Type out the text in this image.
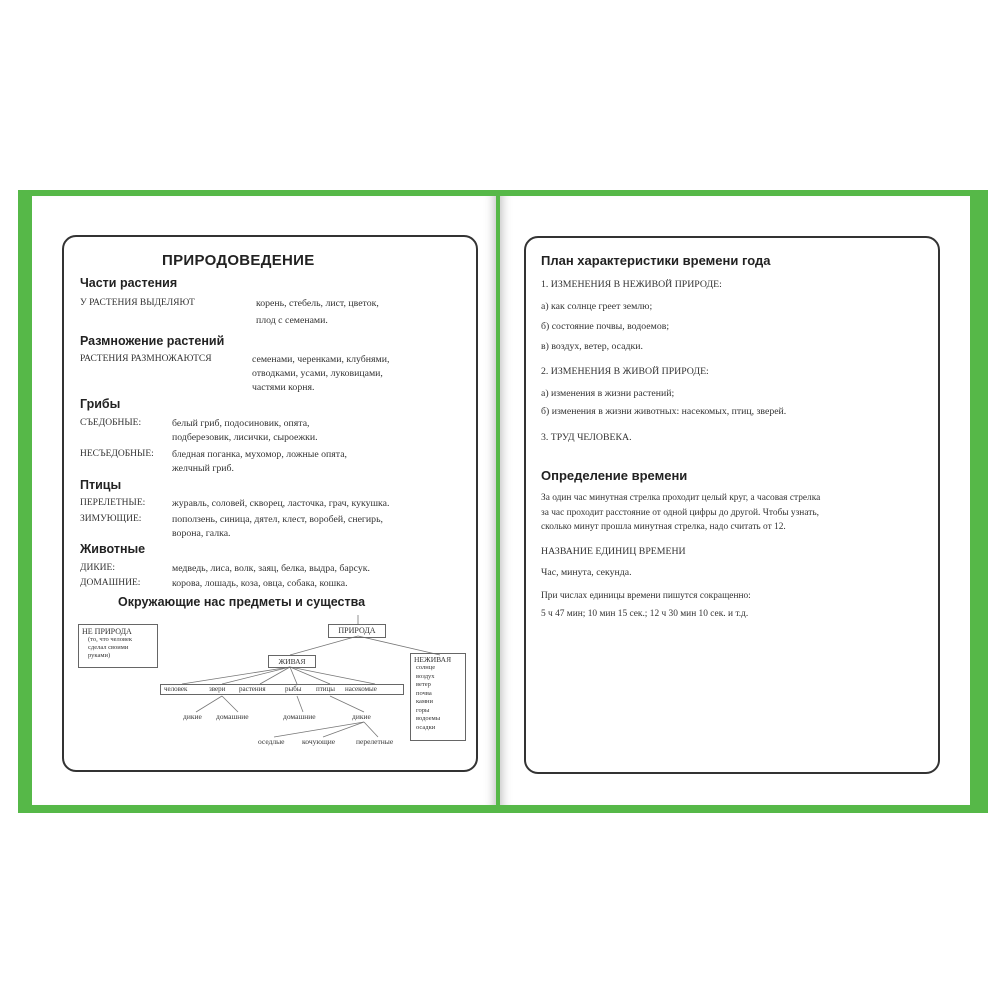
ПРИРОДОВЕДЕНИЕ
Части растения
У РАСТЕНИЯ ВЫДЕЛЯЮТ	корень, стебель, лист, цветок,
плод с семенами.
Размножение растений
РАСТЕНИЯ РАЗМНОЖАЮТСЯ	семенами, черенками, клубнями,
отводками, усами, луковицами,
частями корня.
Грибы
СЪЕДОБНЫЕ:	белый гриб, подосиновик, опята,
подберезовик, лисички, сыроежки.
НЕСЪЕДОБНЫЕ: бледная поганка, мухомор, ложные опята,
желчный гриб.
Птицы
ПЕРЕЛЕТНЫЕ:	журавль, соловей, скворец, ласточка, грач, кукушка.
ЗИМУЮЩИЕ:	поползень, синица, дятел, клест, воробей, снегирь,
ворона, галка.
Животные
ДИКИЕ:	медведь, лиса, волк, заяц, белка, выдра, барсук.
ДОМАШНИЕ:	корова, лошадь, коза, овца, собака, кошка.
Окружающие нас предметы и существа
НЕ ПРИРОДА
(то, что человек
сделал своими
руками)
ПРИРОДА
ЖИВАЯ	НЕЖИВАЯ
солнце
воздух
ветер
почва
камни
горы
водоемы
осадки
человек	звери растения	рыбы птицы насекомые
дикие домашние	домашние	дикие
оседлые кочующие	перелетные
План характеристики времени года
1. ИЗМЕНЕНИЯ В НЕЖИВОЙ ПРИРОДЕ:
а) как солнце греет землю;
б) состояние почвы, водоемов;
в) воздух, ветер, осадки.
2. ИЗМЕНЕНИЯ В ЖИВОЙ ПРИРОДЕ:
а) изменения в жизни растений;
б) изменения в жизни животных: насекомых, птиц, зверей.
3. ТРУД ЧЕЛОВЕКА.
Определение времени
За один час минутная стрелка проходит целый круг, а часовая стрелка
за час проходит расстояние от одной цифры до другой. Чтобы узнать,
сколько минут прошла минутная стрелка, надо считать от 12.
НАЗВАНИЕ ЕДИНИЦ ВРЕМЕНИ
Час, минута, секунда.
При числах единицы времени пишутся сокращенно:
5 ч 47 мин; 10 мин 15 сек.; 12 ч 30 мин 10 сек. и т.д.
